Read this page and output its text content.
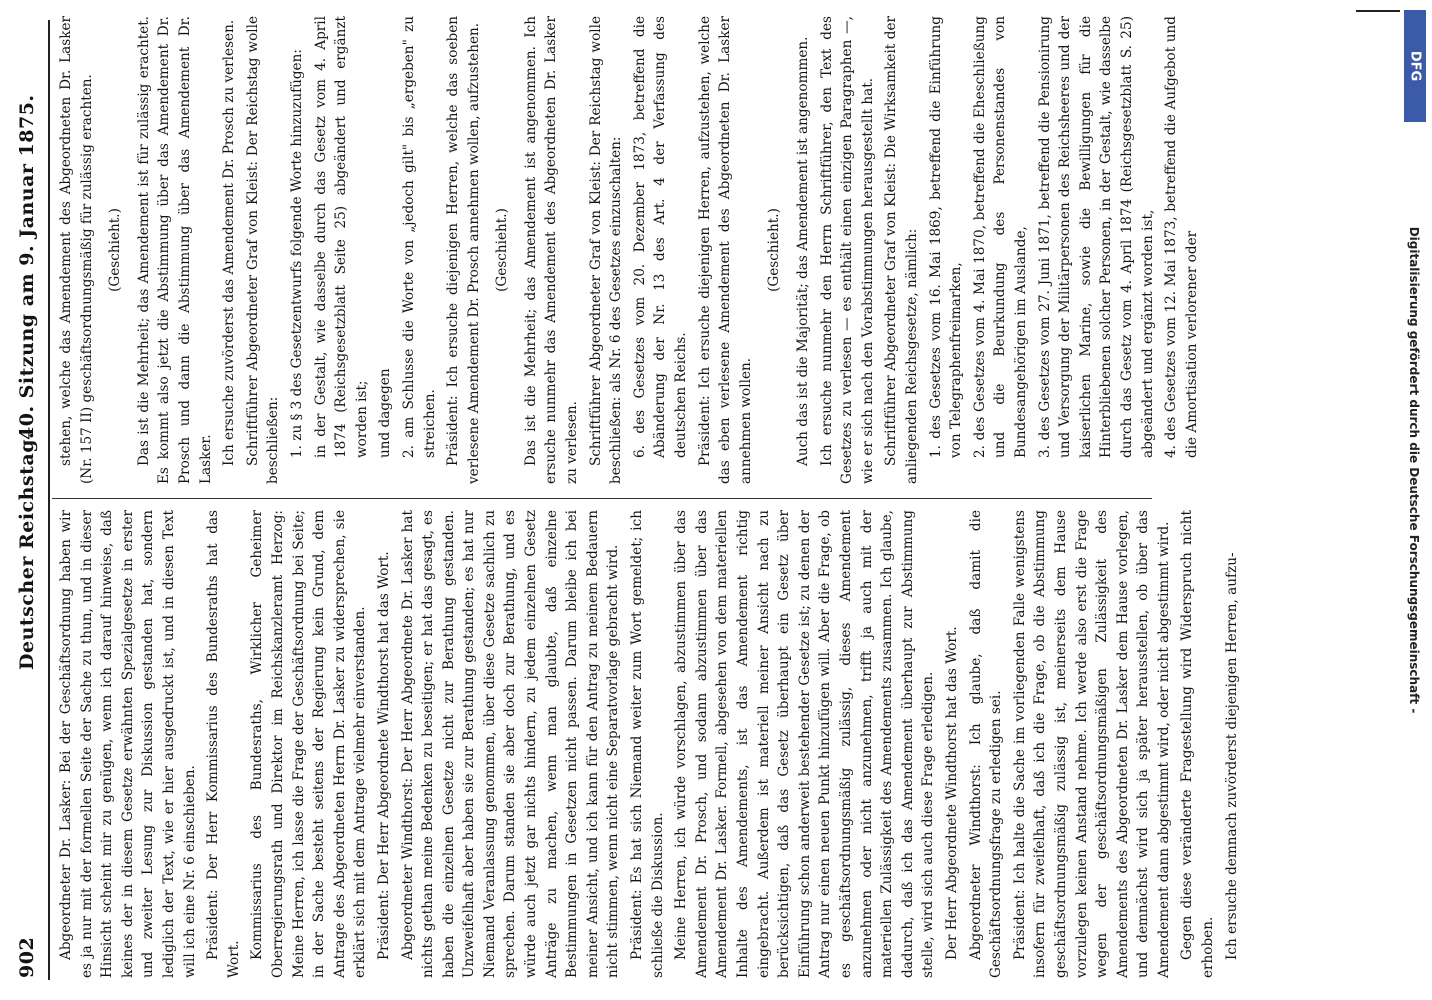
902
Deutscher Reichstag.
40. Sitzung am 9. Januar 1875.

Abgeordneter Dr. Lasker: Bei der Geschäftsordnung haben wir es ja nur mit der formellen Seite der Sache zu thun, und in dieser Hinsicht scheint mir zu genügen, wenn ich darauf hinweise, daß keines der in diesem Gesetze erwähnten Spezialgesetze in erster und zweiter Lesung zur Diskussion gestanden hat, sondern lediglich der Text, wie er hier ausgedruckt ist, und in diesen Text will ich eine Nr. 6 einschieben. Präsident: Der Herr Kommissarius des Bundesraths hat das Wort. Kommissarius des Bundesraths, Wirklicher Geheimer Oberregierungsrath und Direktor im Reichskanzleramt Herzog: Meine Herren, ich lasse die Frage der Geschäftsordnung bei Seite; in der Sache besteht seitens der Regierung kein Grund, dem Antrage des Abgeordneten Herrn Dr. Lasker zu widersprechen, sie erklärt sich mit dem Antrage vielmehr einverstanden. Präsident: Der Herr Abgeordnete Windthorst hat das Wort. Abgeordneter Windthorst: Der Herr Abgeordnete Dr. Lasker hat nichts gethan meine Bedenken zu beseitigen; er hat das gesagt, es haben die einzelnen Gesetze nicht zur Berathung gestanden. Unzweifelhaft aber haben sie zur Berathung gestanden; es hat nur Niemand Veranlassung genommen, über diese Gesetze sachlich zu sprechen. Darum standen sie aber doch zur Berathung, und es würde auch jetzt gar nichts hindern, zu jedem einzelnen Gesetz Anträge zu machen, wenn man glaubte, daß einzelne Bestimmungen in Gesetzen nicht passen. Darum bleibe ich bei meiner Ansicht, und ich kann für den Antrag zu meinem Bedauern nicht stimmen, wenn nicht eine Separatvorlage gebracht wird. Präsident: Es hat sich Niemand weiter zum Wort gemeldet; ich schließe die Diskussion. Meine Herren, ich würde vorschlagen, abzustimmen über das Amendement Dr. Prosch, und sodann abzustimmen über das Amendement Dr. Lasker. Formell, abgesehen von dem materiellen Inhalte des Amendements, ist das Amendement richtig eingebracht. Außerdem ist materiell meiner Ansicht nach zu berücksichtigen, daß das Gesetz überhaupt ein Gesetz über Einführung schon anderweit bestehender Gesetze ist; zu denen der Antrag nur einen neuen Punkt hinzufügen will. Aber die Frage, ob es geschäftsordnungsmäßig zulässig, dieses Amendement anzunehmen oder nicht anzunehmen, trifft ja auch mit der materiellen Zulässigkeit des Amendements zusammen. Ich glaube, dadurch, daß ich das Amendement überhaupt zur Abstimmung stelle, wird sich auch diese Frage erledigen. Der Herr Abgeordnete Windthorst hat das Wort. Abgeordneter Windthorst: Ich glaube, daß damit die Geschäftsordnungsfrage zu erledigen sei. Präsident: Ich halte die Sache im vorliegenden Falle wenigstens insofern für zweifelhaft, daß ich die Frage, ob die Abstimmung geschäftsordnungsmäßig zulässig ist, meinerseits dem Hause vorzulegen keinen Anstand nehme. Ich werde also erst die Frage wegen der geschäftsordnungsmäßigen Zulässigkeit des Amendements des Abgeordneten Dr. Lasker dem Hause vorlegen, und demnächst wird sich ja später herausstellen, ob über das Amendement dann abgestimmt wird, oder nicht abgestimmt wird. Gegen diese veränderte Fragestellung wird Widerspruch nicht erhoben. Ich ersuche demnach zuvörderst diejenigen Herren, aufzu-

stehen, welche das Amendement des Abgeordneten Dr. Lasker (Nr. 157 II) geschäftsordnungsmäßig für zulässig erachten. (Geschieht.) Das ist die Mehrheit; das Amendement ist für zulässig erachtet. Es kommt also jetzt die Abstimmung über das Amendement Dr. Prosch und dann die Abstimmung über das Amendement Dr. Lasker. Ich ersuche zuvörderst das Amendement Dr. Prosch zu verlesen. Schriftführer Abgeordneter Graf von Kleist: Der Reichstag wolle beschließen: 1. zu § 3 des Gesetzentwurfs folgende Worte hinzuzufügen: in der Gestalt, wie dasselbe durch das Gesetz vom 4. April 1874 (Reichsgesetzblatt Seite 25) abgeändert und ergänzt worden ist; und dagegen 2. am Schlusse die Worte von „jedoch gilt" bis „ergeben" zu streichen. Präsident: Ich ersuche diejenigen Herren, welche das soeben verlesene Amendement Dr. Prosch annehmen wollen, aufzustehen. (Geschieht.) Das ist die Mehrheit; das Amendement ist angenommen. Ich ersuche nunmehr das Amendement des Abgeordneten Dr. Lasker zu verlesen. Schriftführer Abgeordneter Graf von Kleist: Der Reichstag wolle beschließen: als Nr. 6 des Gesetzes einzuschalten: 6. des Gesetzes vom 20. Dezember 1873, betreffend die Abänderung der Nr. 13 des Art. 4 der Verfassung des deutschen Reichs. Präsident: Ich ersuche diejenigen Herren, aufzustehen, welche das eben verlesene Amendement des Abgeordneten Dr. Lasker annehmen wollen.

(Geschieht.) Auch das ist die Majorität; das Amendement ist angenommen. Ich ersuche nunmehr den Herrn Schriftführer, den Text des Gesetzes zu verlesen — es enthält einen einzigen Paragraphen —, wie er sich nach den Vorabstimmungen herausgestellt hat. Schriftführer Abgeordneter Graf von Kleist: Die Wirksamkeit der anliegenden Reichsgesetze, nämlich: 1. des Gesetzes vom 16. Mai 1869, betreffend die Einführung von Telegraphenfreimarken, 2. des Gesetzes vom 4. Mai 1870, betreffend die Eheschließung und die Beurkundung des Personenstandes von Bundesangehörigen im Auslande, 3. des Gesetzes vom 27. Juni 1871, betreffend die Pensionirung und Versorgung der Militärpersonen des Reichsheeres und der kaiserlichen Marine, sowie die Bewilligungen für die Hinterbliebenen solcher Personen, in der Gestalt, wie dasselbe durch das Gesetz vom 4. April 1874 (Reichsgesetzblatt S. 25) abgeändert und ergänzt worden ist, 4. des Gesetzes vom 12. Mai 1873, betreffend die Aufgebot und die Amortisation verlorener oder

DFG
Digitalisierung gefördert durch die Deutsche Forschungsgemeinschaft -
